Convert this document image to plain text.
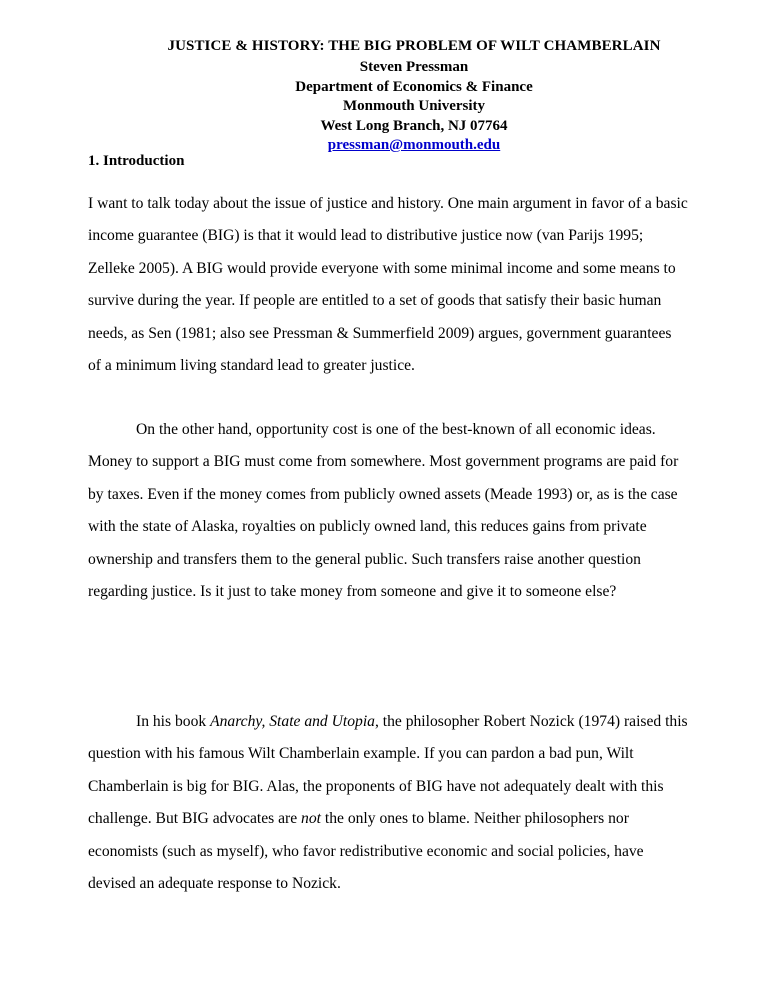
JUSTICE & HISTORY: THE BIG PROBLEM OF WILT CHAMBERLAIN
Steven Pressman
Department of Economics & Finance
Monmouth University
West Long Branch, NJ 07764
pressman@monmouth.edu
1. Introduction

I want to talk today about the issue of justice and history. One main argument in favor of a basic income guarantee (BIG) is that it would lead to distributive justice now (van Parijs 1995; Zelleke 2005). A BIG would provide everyone with some minimal income and some means to survive during the year. If people are entitled to a set of goods that satisfy their basic human needs, as Sen (1981; also see Pressman & Summerfield 2009) argues, government guarantees of a minimum living standard lead to greater justice.

On the other hand, opportunity cost is one of the best-known of all economic ideas. Money to support a BIG must come from somewhere. Most government programs are paid for by taxes. Even if the money comes from publicly owned assets (Meade 1993) or, as is the case with the state of Alaska, royalties on publicly owned land, this reduces gains from private ownership and transfers them to the general public. Such transfers raise another question regarding justice. Is it just to take money from someone and give it to someone else?

In his book Anarchy, State and Utopia, the philosopher Robert Nozick (1974) raised this question with his famous Wilt Chamberlain example. If you can pardon a bad pun, Wilt Chamberlain is big for BIG. Alas, the proponents of BIG have not adequately dealt with this challenge. But BIG advocates are not the only ones to blame. Neither philosophers nor economists (such as myself), who favor redistributive economic and social policies, have devised an adequate response to Nozick.
